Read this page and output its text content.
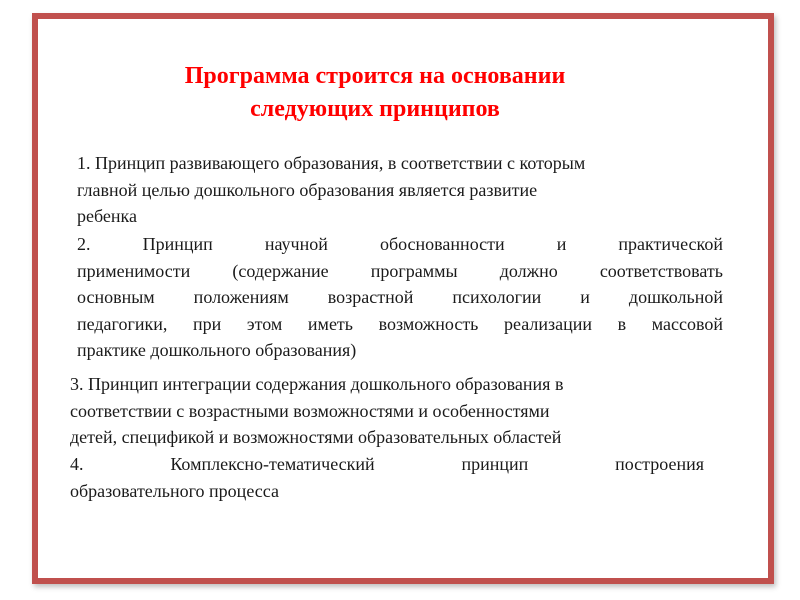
Программа строится на основании
следующих принципов

1. Принцип развивающего образования, в соответствии с которым
главной целью дошкольного образования является развитие
ребенка

2. Принцип научной обоснованности и практической
применимости (содержание программы должно соответствовать
основным положениям возрастной психологии и дошкольной
педагогики, при этом иметь возможность реализации в массовой
практике дошкольного образования)

3. Принцип интеграции содержания дошкольного образования в
соответствии с возрастными возможностями и особенностями
детей, спецификой и возможностями образовательных областей

4. Комплексно-тематический принцип построения
образовательного процесса
